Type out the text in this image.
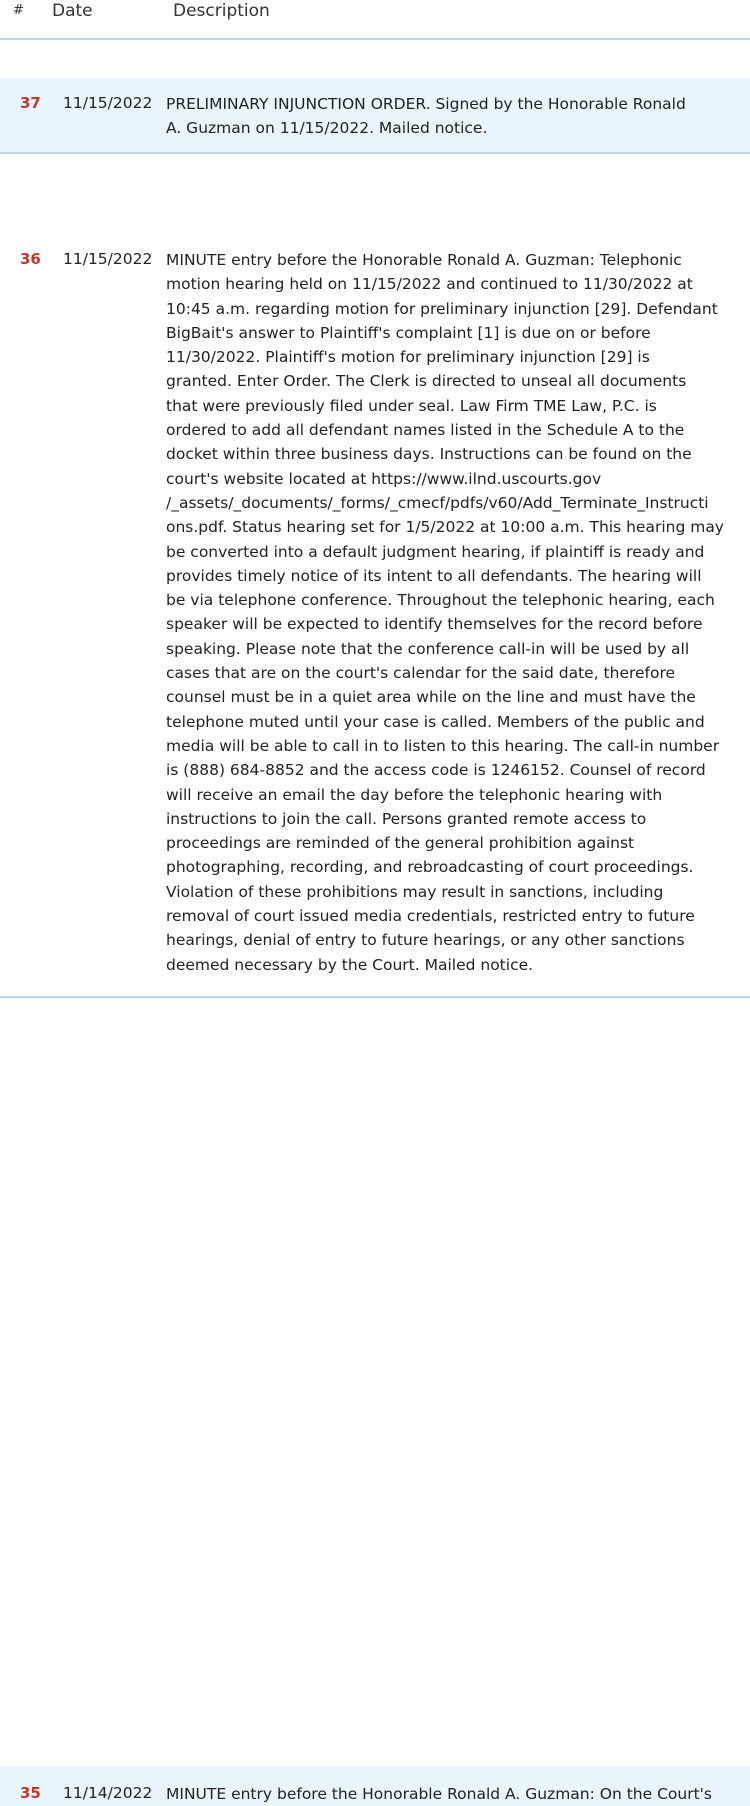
# Date	Description
37 11/15/2022 PRELIMINARY INJUNCTION ORDER. Signed by the Honorable Ronald
A. Guzman on 11/15/2022. Mailed notice.
36 11/15/2022 MINUTE entry before the Honorable Ronald A. Guzman: Telephonic
motion hearing held on 11/15/2022 and continued to 11/30/2022 at
10:45 a.m. regarding motion for preliminary injunction [29]. Defendant
BigBait's answer to Plaintiff's complaint [1] is due on or before
11/30/2022. Plaintiff's motion for preliminary injunction [29] is
granted. Enter Order. The Clerk is directed to unseal all documents
that were previously filed under seal. Law Firm TME Law, P.C. is
ordered to add all defendant names listed in the Schedule A to the
docket within three business days. Instructions can be found on the
court's website located at https://www.ilnd.uscourts.gov
/_assets/_documents/_forms/_cmecf/pdfs/v60/Add_Terminate_Instructi
ons.pdf. Status hearing set for 1/5/2022 at 10:00 a.m. This hearing may
be converted into a default judgment hearing, if plaintiff is ready and
provides timely notice of its intent to all defendants. The hearing will
be via telephone conference. Throughout the telephonic hearing, each
speaker will be expected to identify themselves for the record before
speaking. Please note that the conference call-in will be used by all
cases that are on the court's calendar for the said date, therefore
counsel must be in a quiet area while on the line and must have the
telephone muted until your case is called. Members of the public and
media will be able to call in to listen to this hearing. The call-in number
is (888) 684-8852 and the access code is 1246152. Counsel of record
will receive an email the day before the telephonic hearing with
instructions to join the call. Persons granted remote access to
proceedings are reminded of the general prohibition against
photographing, recording, and rebroadcasting of court proceedings.
Violation of these prohibitions may result in sanctions, including
removal of court issued media credentials, restricted entry to future
hearings, denial of entry to future hearings, or any other sanctions
deemed necessary by the Court. Mailed notice.
35 11/14/2022 MINUTE entry before the Honorable Ronald A. Guzman: On the Court's
